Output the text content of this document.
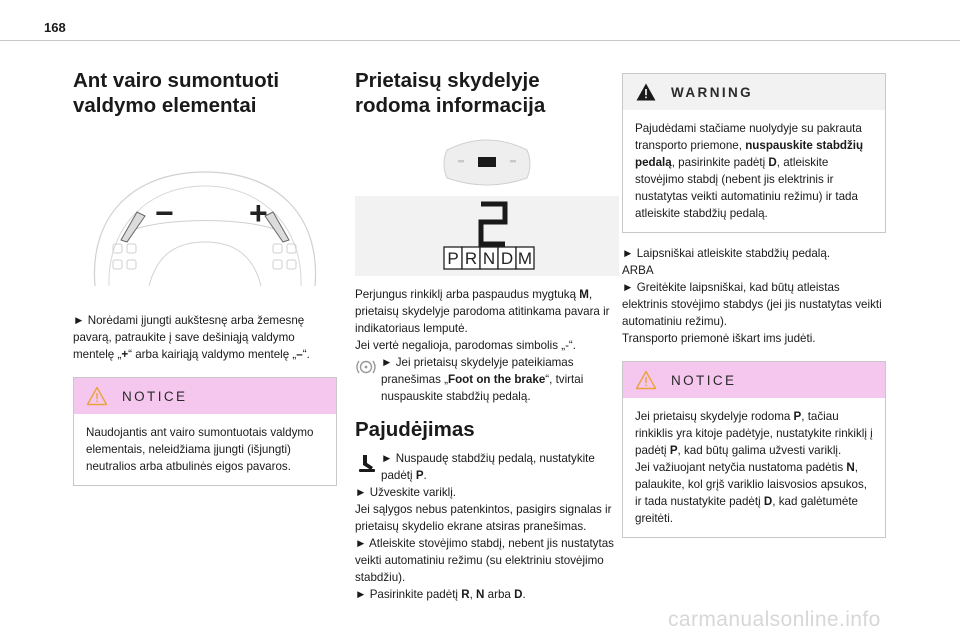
168
Ant vairo sumontuoti valdymo elementai
− +

► Norėdami įjungti aukštesnę arba žemesnę pavarą, patraukite į save dešiniąją valdymo mentelę „+“ arba kairiąją valdymo mentelę „–“.

NOTICE

Naudojantis ant vairo sumontuotais valdymo elementais, neleidžiama įjungti (išjungti) neutralios arba atbulinės eigos pavaros.

Prietaisų skydelyje rodoma informacija
P R N D M

Perjungus rinkiklį arba paspaudus mygtuką M, prietaisų skydelyje parodoma atitinkama pavara ir indikatoriaus lemputė.

Jei vertė negalioja, parodomas simbolis „-“.

► Jei prietaisų skydelyje pateikiamas pranešimas „Foot on the brake“, tvirtai nuspauskite stabdžių pedalą.

Pajudėjimas

► Nuspaudę stabdžių pedalą, nustatykite padėtį P.

► Užveskite variklį.

Jei sąlygos nebus patenkintos, pasigirs signalas ir prietaisų skydelio ekrane atsiras pranešimas.

► Atleiskite stovėjimo stabdį, nebent jis nustatytas veikti automatiniu režimu (su elektriniu stovėjimo stabdžiu).

► Pasirinkite padėtį R, N arba D.

WARNING

Pajudėdami stačiame nuolydyje su pakrauta transporto priemone, nuspauskite stabdžių pedalą, pasirinkite padėtį D, atleiskite stovėjimo stabdį (nebent jis elektrinis ir nustatytas veikti automatiniu režimu) ir tada atleiskite stabdžių pedalą.

► Laipsniškai atleiskite stabdžių pedalą.

ARBA

► Greitėkite laipsniškai, kad būtų atleistas elektrinis stovėjimo stabdys (jei jis nustatytas veikti automatiniu režimu).

Transporto priemonė iškart ims judėti.

NOTICE

Jei prietaisų skydelyje rodoma P, tačiau rinkiklis yra kitoje padėtyje, nustatykite rinkiklį į padėtį P, kad būtų galima užvesti variklį.

Jei važiuojant netyčia nustatoma padėtis N, palaukite, kol grįš variklio laisvosios apsukos, ir tada nustatykite padėtį D, kad galėtumėte greitėti.

carmanualsonline.info
